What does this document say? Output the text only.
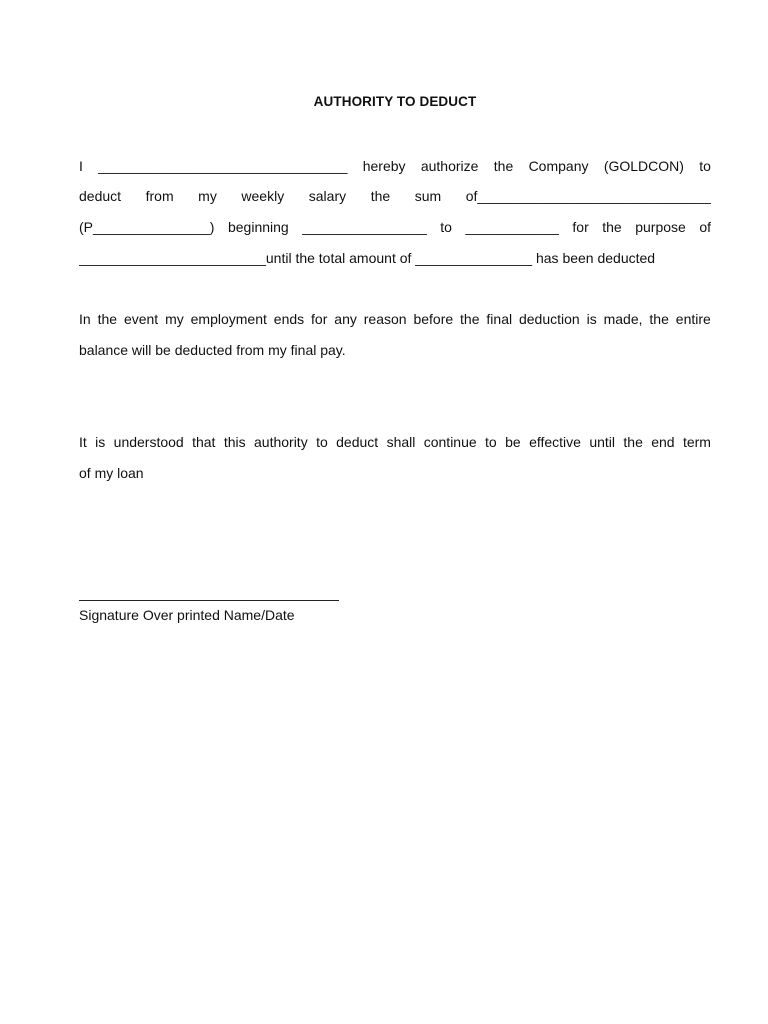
AUTHORITY TO DEDUCT
I ________________________________ hereby authorize the Company (GOLDCON) to
deduct from my weekly salary the sum of______________________________
(P_______________) beginning ________________ to ____________ for the purpose of
________________________until the total amount of _______________ has been deducted
In the event my employment ends for any reason before the final deduction is made, the entire
balance will be deducted from my final pay.
It is understood that this authority to deduct shall continue to be effective until the end term
of my loan
Signature Over printed Name/Date
